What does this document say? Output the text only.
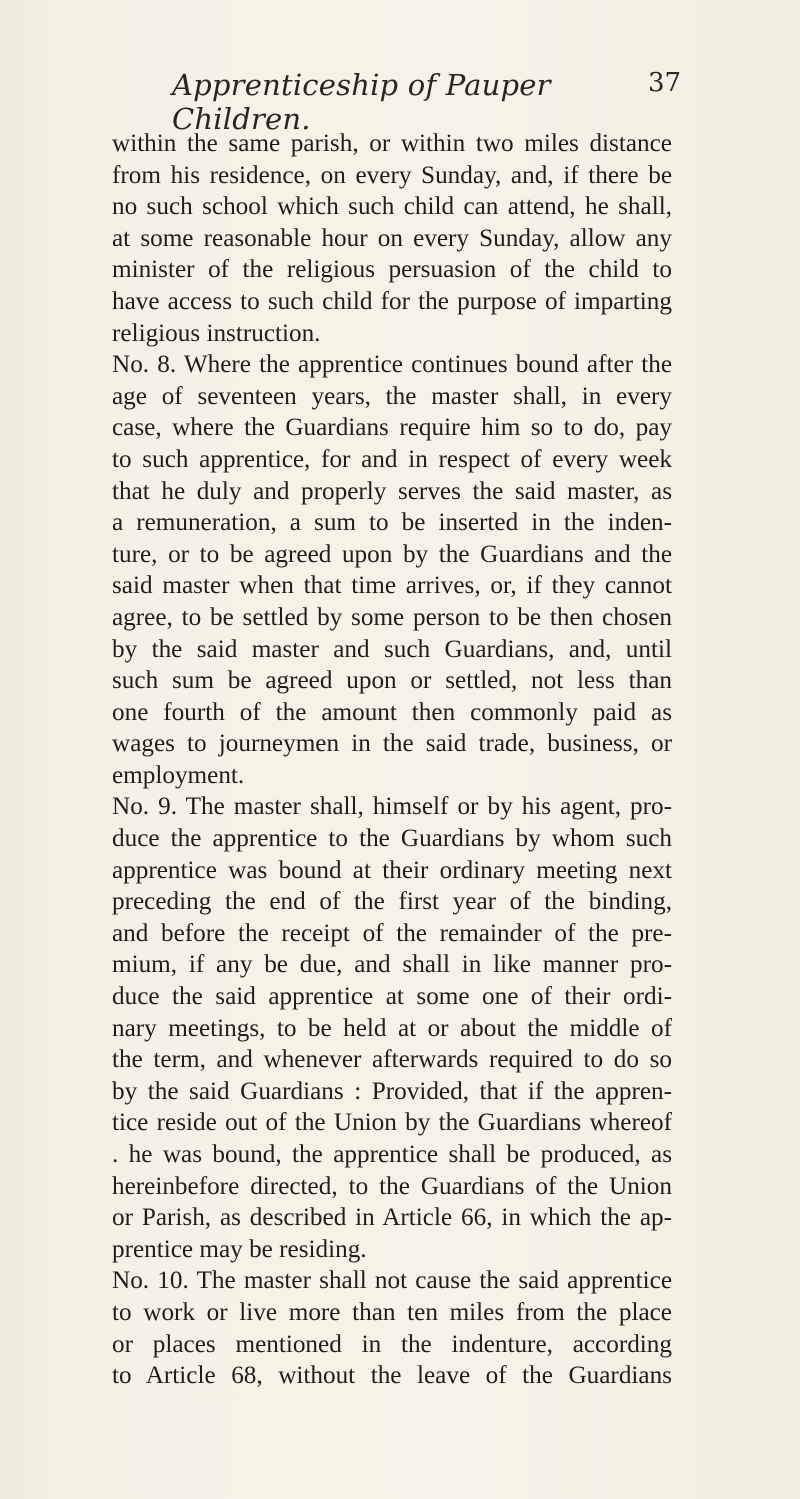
Apprenticeship of Pauper Children.
37
within the same parish, or within two miles distance
from his residence, on every Sunday, and, if there be
no such school which such child can attend, he shall,
at some reasonable hour on every Sunday, allow any
minister of the religious persuasion of the child to
have access to such child for the purpose of imparting
religious instruction.
No. 8. Where the apprentice continues bound after the
age of seventeen years, the master shall, in every
case, where the Guardians require him so to do, pay
to such apprentice, for and in respect of every week
that he duly and properly serves the said master, as
a remuneration, a sum to be inserted in the inden-
ture, or to be agreed upon by the Guardians and the
said master when that time arrives, or, if they cannot
agree, to be settled by some person to be then chosen
by the said master and such Guardians, and, until
such sum be agreed upon or settled, not less than
one fourth of the amount then commonly paid as
wages to journeymen in the said trade, business, or
employment.
No. 9. The master shall, himself or by his agent, pro-
duce the apprentice to the Guardians by whom such
apprentice was bound at their ordinary meeting next
preceding the end of the first year of the binding,
and before the receipt of the remainder of the pre-
mium, if any be due, and shall in like manner pro-
duce the said apprentice at some one of their ordi-
nary meetings, to be held at or about the middle of
the term, and whenever afterwards required to do so
by the said Guardians : Provided, that if the appren-
tice reside out of the Union by the Guardians whereof
. he was bound, the apprentice shall be produced, as
hereinbefore directed, to the Guardians of the Union
or Parish, as described in Article 66, in which the ap-
prentice may be residing.
No. 10. The master shall not cause the said apprentice
to work or live more than ten miles from the place
or places mentioned in the indenture, according
to Article 68, without the leave of the Guardians
